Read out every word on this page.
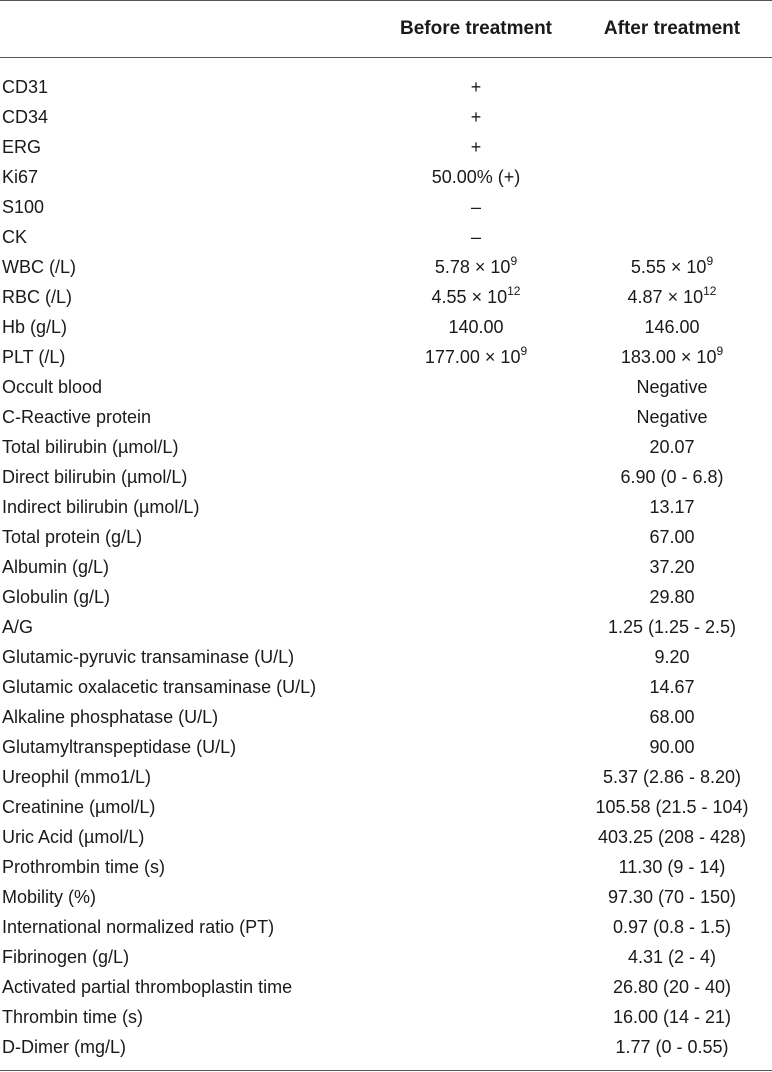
	Before treatment	After treatment
CD31	+	
CD34	+	
ERG	+	
Ki67	50.00% (+)	
S100	–	
CK	–	
WBC (/L)	$5.78 \times 10^9$	$5.55 \times 10^9$
RBC (/L)	$4.55 \times 10^{12}$	$4.87 \times 10^{12}$
Hb (g/L)	140.00	146.00
PLT (/L)	$177.00 \times 10^9$	$183.00 \times 10^9$
Occult blood		Negative
C-Reactive protein		Negative
Total bilirubin (µmol/L)		20.07
Direct bilirubin (µmol/L)		6.90 (0 - 6.8)
Indirect bilirubin (µmol/L)		13.17
Total protein (g/L)		67.00
Albumin (g/L)		37.20
Globulin (g/L)		29.80
A/G		1.25 (1.25 - 2.5)
Glutamic-pyruvic transaminase (U/L)		9.20
Glutamic oxalacetic transaminase (U/L)		14.67
Alkaline phosphatase (U/L)		68.00
Glutamyltranspeptidase (U/L)		90.00
Ureophil (mmo1/L)		5.37 (2.86 - 8.20)
Creatinine (µmol/L)		105.58 (21.5 - 104)
Uric Acid (µmol/L)		403.25 (208 - 428)
Prothrombin time (s)		11.30 (9 - 14)
Mobility (%)		97.30 (70 - 150)
International normalized ratio (PT)		0.97 (0.8 - 1.5)
Fibrinogen (g/L)		4.31 (2 - 4)
Activated partial thromboplastin time		26.80 (20 - 40)
Thrombin time (s)		16.00 (14 - 21)
D-Dimer (mg/L)		1.77 (0 - 0.55)
